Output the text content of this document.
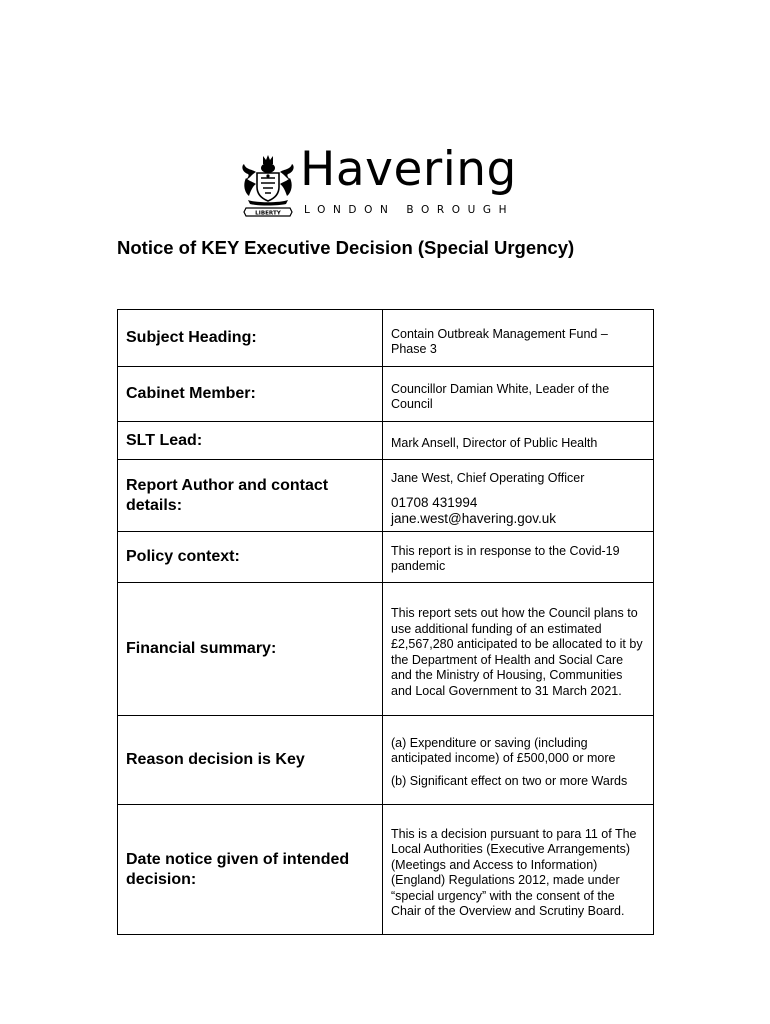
LIBERTY
Havering
LONDON BOROUGH
Notice of KEY Executive Decision (Special Urgency)
Subject Heading:	Contain Outbreak Management Fund – Phase 3

Cabinet Member:	Councillor Damian White, Leader of the Council

SLT Lead:	Mark Ansell, Director of Public Health

Report Author and contact details:	Jane West, Chief Operating Officer

01708 431994

jane.west@havering.gov.uk

Policy context:	This report is in response to the Covid-19 pandemic

Financial summary:	This report sets out how the Council plans to use additional funding of an estimated £2,567,280 anticipated to be allocated to it by the Department of Health and Social Care and the Ministry of Housing, Communities and Local Government to 31 March 2021.

Reason decision is Key	(a) Expenditure or saving (including anticipated income) of £500,000 or more

(b) Significant effect on two or more Wards

Date notice given of intended decision:	This is a decision pursuant to para 11 of The Local Authorities (Executive Arrangements) (Meetings and Access to Information) (England) Regulations 2012, made under “special urgency” with the consent of the Chair of the Overview and Scrutiny Board.
